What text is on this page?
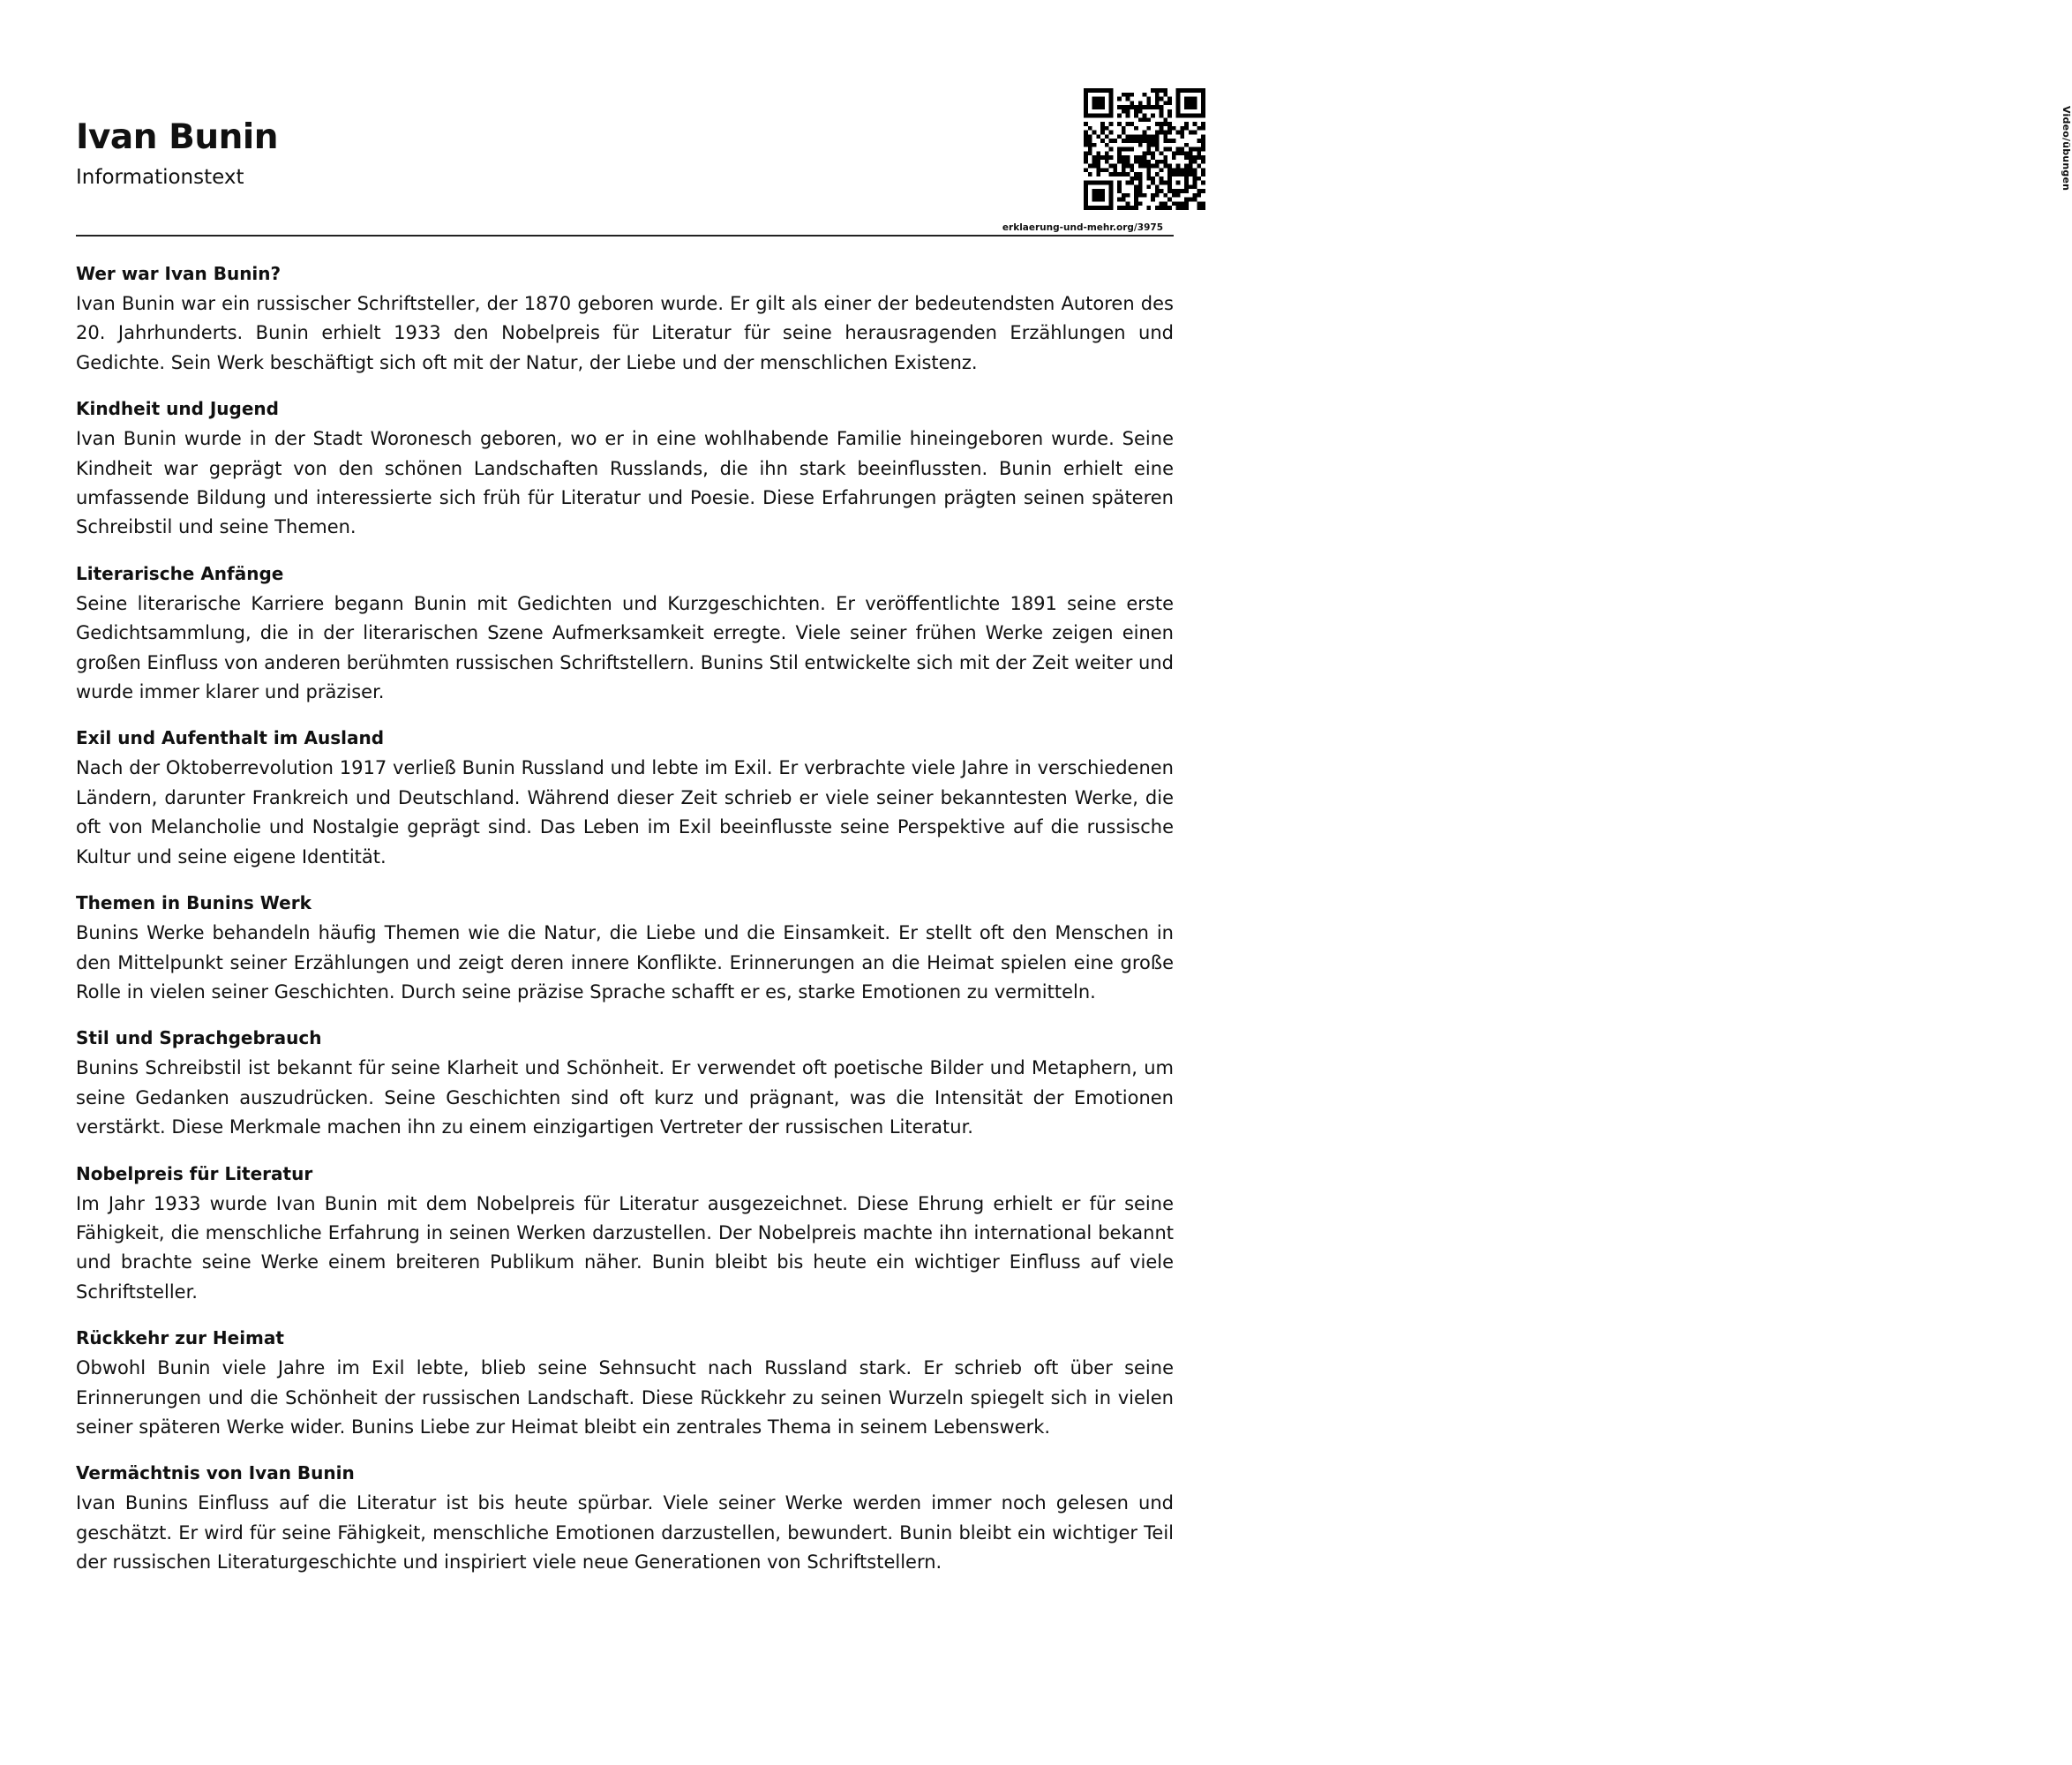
Ivan Bunin
Informationstext	Video/übungen
erklaerung-und-mehr.org/3975
Wer war Ivan Bunin?

Ivan Bunin war ein russischer Schriftsteller, der 1870 geboren wurde. Er gilt als einer der bedeutendsten Autoren des 20. Jahrhunderts. Bunin erhielt 1933 den Nobelpreis für Literatur für seine herausragenden Erzählungen und Gedichte. Sein Werk beschäftigt sich oft mit der Natur, der Liebe und der menschlichen Existenz.

Kindheit und Jugend

Ivan Bunin wurde in der Stadt Woronesch geboren, wo er in eine wohlhabende Familie hineingeboren wurde. Seine Kindheit war geprägt von den schönen Landschaften Russlands, die ihn stark beeinflussten. Bunin erhielt eine umfassende Bildung und interessierte sich früh für Literatur und Poesie. Diese Erfahrungen prägten seinen späteren Schreibstil und seine Themen.

Literarische Anfänge

Seine literarische Karriere begann Bunin mit Gedichten und Kurzgeschichten. Er veröffentlichte 1891 seine erste Gedichtsammlung, die in der literarischen Szene Aufmerksamkeit erregte. Viele seiner frühen Werke zeigen einen großen Einfluss von anderen berühmten russischen Schriftstellern. Bunins Stil entwickelte sich mit der Zeit weiter und wurde immer klarer und präziser.

Exil und Aufenthalt im Ausland

Nach der Oktoberrevolution 1917 verließ Bunin Russland und lebte im Exil. Er verbrachte viele Jahre in verschiedenen Ländern, darunter Frankreich und Deutschland. Während dieser Zeit schrieb er viele seiner bekanntesten Werke, die oft von Melancholie und Nostalgie geprägt sind. Das Leben im Exil beeinflusste seine Perspektive auf die russische Kultur und seine eigene Identität.

Themen in Bunins Werk

Bunins Werke behandeln häufig Themen wie die Natur, die Liebe und die Einsamkeit. Er stellt oft den Menschen in den Mittelpunkt seiner Erzählungen und zeigt deren innere Konflikte. Erinnerungen an die Heimat spielen eine große Rolle in vielen seiner Geschichten. Durch seine präzise Sprache schafft er es, starke Emotionen zu vermitteln.

Stil und Sprachgebrauch

Bunins Schreibstil ist bekannt für seine Klarheit und Schönheit. Er verwendet oft poetische Bilder und Metaphern, um seine Gedanken auszudrücken. Seine Geschichten sind oft kurz und prägnant, was die Intensität der Emotionen verstärkt. Diese Merkmale machen ihn zu einem einzigartigen Vertreter der russischen Literatur.

Nobelpreis für Literatur

Im Jahr 1933 wurde Ivan Bunin mit dem Nobelpreis für Literatur ausgezeichnet. Diese Ehrung erhielt er für seine Fähigkeit, die menschliche Erfahrung in seinen Werken darzustellen. Der Nobelpreis machte ihn international bekannt und brachte seine Werke einem breiteren Publikum näher. Bunin bleibt bis heute ein wichtiger Einfluss auf viele Schriftsteller.

Rückkehr zur Heimat

Obwohl Bunin viele Jahre im Exil lebte, blieb seine Sehnsucht nach Russland stark. Er schrieb oft über seine Erinnerungen und die Schönheit der russischen Landschaft. Diese Rückkehr zu seinen Wurzeln spiegelt sich in vielen seiner späteren Werke wider. Bunins Liebe zur Heimat bleibt ein zentrales Thema in seinem Lebenswerk.

Vermächtnis von Ivan Bunin

Ivan Bunins Einfluss auf die Literatur ist bis heute spürbar. Viele seiner Werke werden immer noch gelesen und geschätzt. Er wird für seine Fähigkeit, menschliche Emotionen darzustellen, bewundert. Bunin bleibt ein wichtiger Teil der russischen Literaturgeschichte und inspiriert viele neue Generationen von Schriftstellern.
